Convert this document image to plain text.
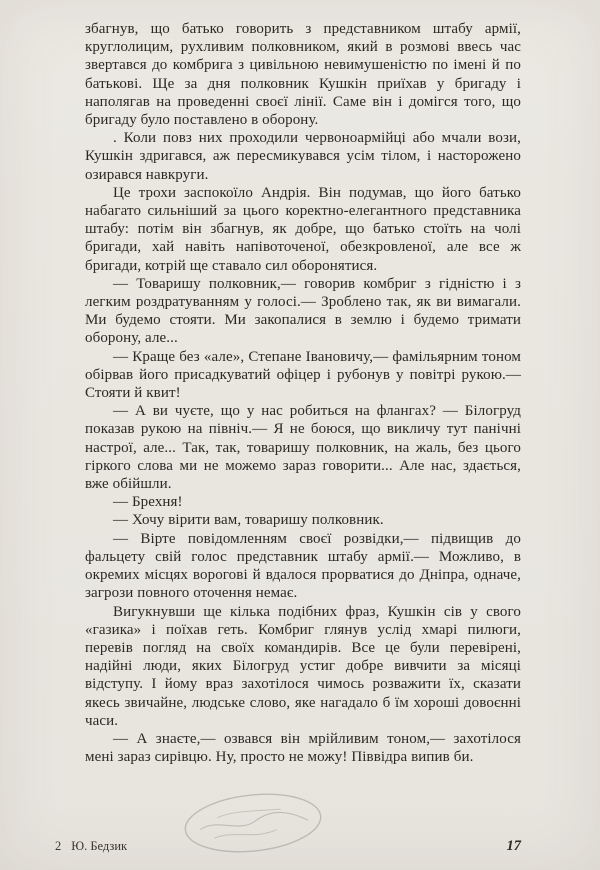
збагнув, що батько говорить з представником штабу армії, круглолицим, рухливим полковником, який в розмові ввесь час звертався до комбрига з цивільною невимушеністю по імені й по батькові. Ще за дня полковник Кушкін приїхав у бригаду і наполягав на проведенні своєї лінії. Саме він і домігся того, що бригаду було поставлено в оборону.

. Коли повз них проходили червоноармійці або мчали вози, Кушкін здригався, аж пересмикувався усім тілом, і насторожено озирався навкруги.

Це трохи заспокоїло Андрія. Він подумав, що його батько набагато сильніший за цього коректно-елегантного представника штабу: потім він збагнув, як добре, що батько стоїть на чолі бригади, хай навіть напівоточеної, обезкровленої, але все ж бригади, котрій ще ставало сил оборонятися.

— Товаришу полковник,— говорив комбриг з гідністю і з легким роздратуванням у голосі.— Зроблено так, як ви вимагали. Ми будемо стояти. Ми закопалися в землю і будемо тримати оборону, але...

— Краще без «але», Степане Івановичу,— фамільярним тоном обірвав його присадкуватий офіцер і рубонув у повітрі рукою.— Стояти й квит!

— А ви чуєте, що у нас робиться на флангах? — Білогруд показав рукою на північ.— Я не боюся, що викличу тут панічні настрої, але... Так, так, товаришу полковник, на жаль, без цього гіркого слова ми не можемо зараз говорити... Але нас, здається, вже обійшли.

— Брехня!

— Хочу вірити вам, товаришу полковник.

— Вірте повідомленням своєї розвідки,— підвищив до фальцету свій голос представник штабу армії.— Можливо, в окремих місцях ворогові й вдалося прорватися до Дніпра, одначе, загрози повного оточення немає.

Вигукнувши ще кілька подібних фраз, Кушкін сів у свого «газика» і поїхав геть. Комбриг глянув услід хмарі пилюги, перевів погляд на своїх командирів. Все це були перевірені, надійні люди, яких Білогруд устиг добре вивчити за місяці відступу. І йому враз захотілося чимось розважити їх, сказати якесь звичайне, людське слово, яке нагадало б їм хороші довоєнні часи.

— А знаєте,— озвався він мрійливим тоном,— захотілося мені зараз сирівцю. Ну, просто не можу! Піввідра випив би.

2 Ю. Бедзик	17
